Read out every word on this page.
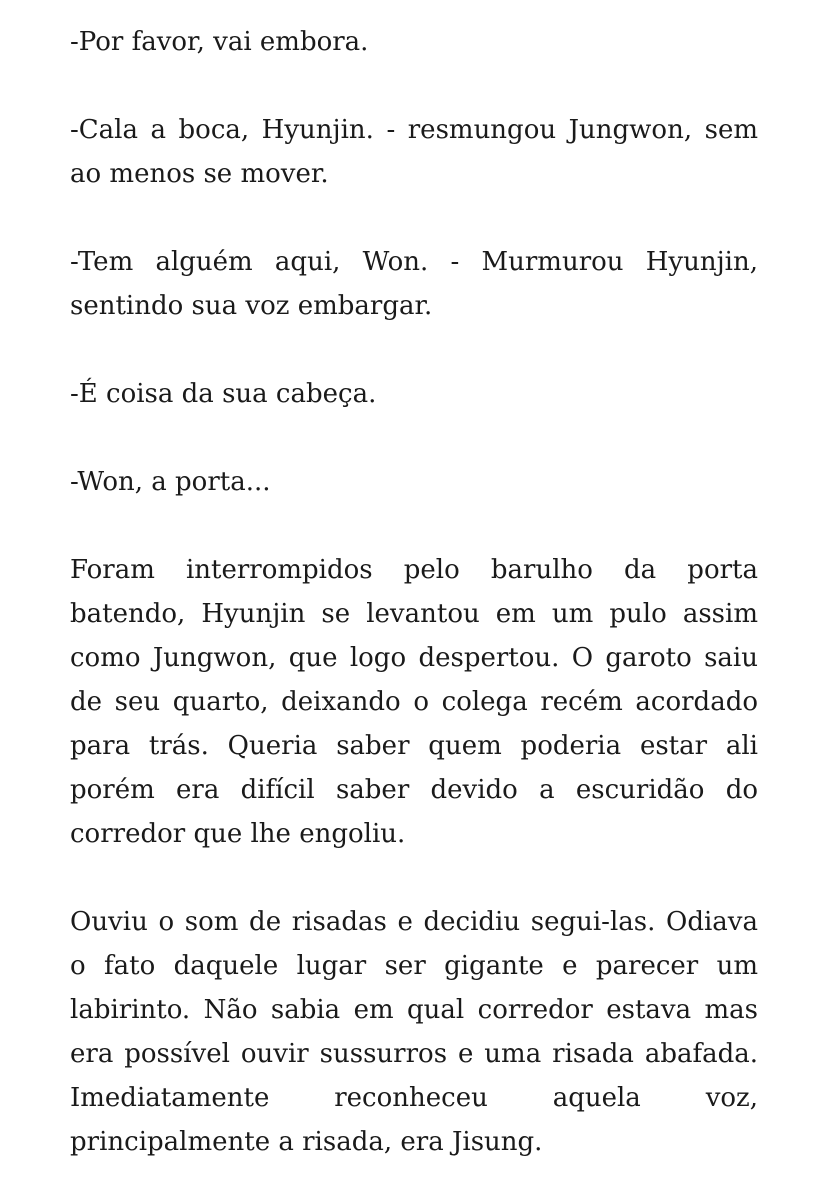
-Por favor, vai embora.

-Cala a boca, Hyunjin. - resmungou Jungwon, sem ao menos se mover.

-Tem alguém aqui, Won. - Murmurou Hyunjin, sentindo sua voz embargar.

-É coisa da sua cabeça.

-Won, a porta...

Foram interrompidos pelo barulho da porta batendo, Hyunjin se levantou em um pulo assim como Jungwon, que logo despertou. O garoto saiu de seu quarto, deixando o colega recém acordado para trás. Queria saber quem poderia estar ali porém era difícil saber devido a escuridão do corredor que lhe engoliu.

Ouviu o som de risadas e decidiu segui-las. Odiava o fato daquele lugar ser gigante e parecer um labirinto. Não sabia em qual corredor estava mas era possível ouvir sussurros e uma risada abafada. Imediatamente reconheceu aquela voz, principalmente a risada, era Jisung.
